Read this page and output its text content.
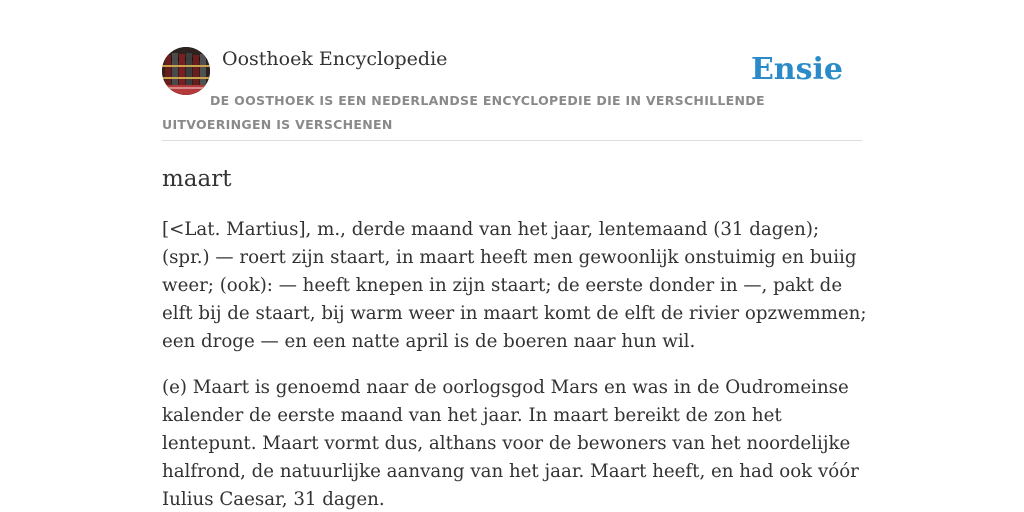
Oosthoek Encyclopedie	Ensie
DE OOSTHOEK IS EEN NEDERLANDSE ENCYCLOPEDIE DIE IN VERSCHILLENDE UITVOERINGEN IS VERSCHENEN
maart

[<Lat. Martius], m., derde maand van het jaar, lentemaand (31 dagen); (spr.) — roert zijn staart, in maart heeft men gewoonlijk onstuimig en buiig weer; (ook): — heeft knepen in zijn staart; de eerste donder in —, pakt de elft bij de staart, bij warm weer in maart komt de elft de rivier opzwemmen; een droge — en een natte april is de boeren naar hun wil.

(e) Maart is genoemd naar de oorlogsgod Mars en was in de Oudromeinse kalender de eerste maand van het jaar. In maart bereikt de zon het lentepunt. Maart vormt dus, althans voor de bewoners van het noordelijke halfrond, de natuurlijke aanvang van het jaar. Maart heeft, en had ook vóór Iulius Caesar, 31 dagen.
